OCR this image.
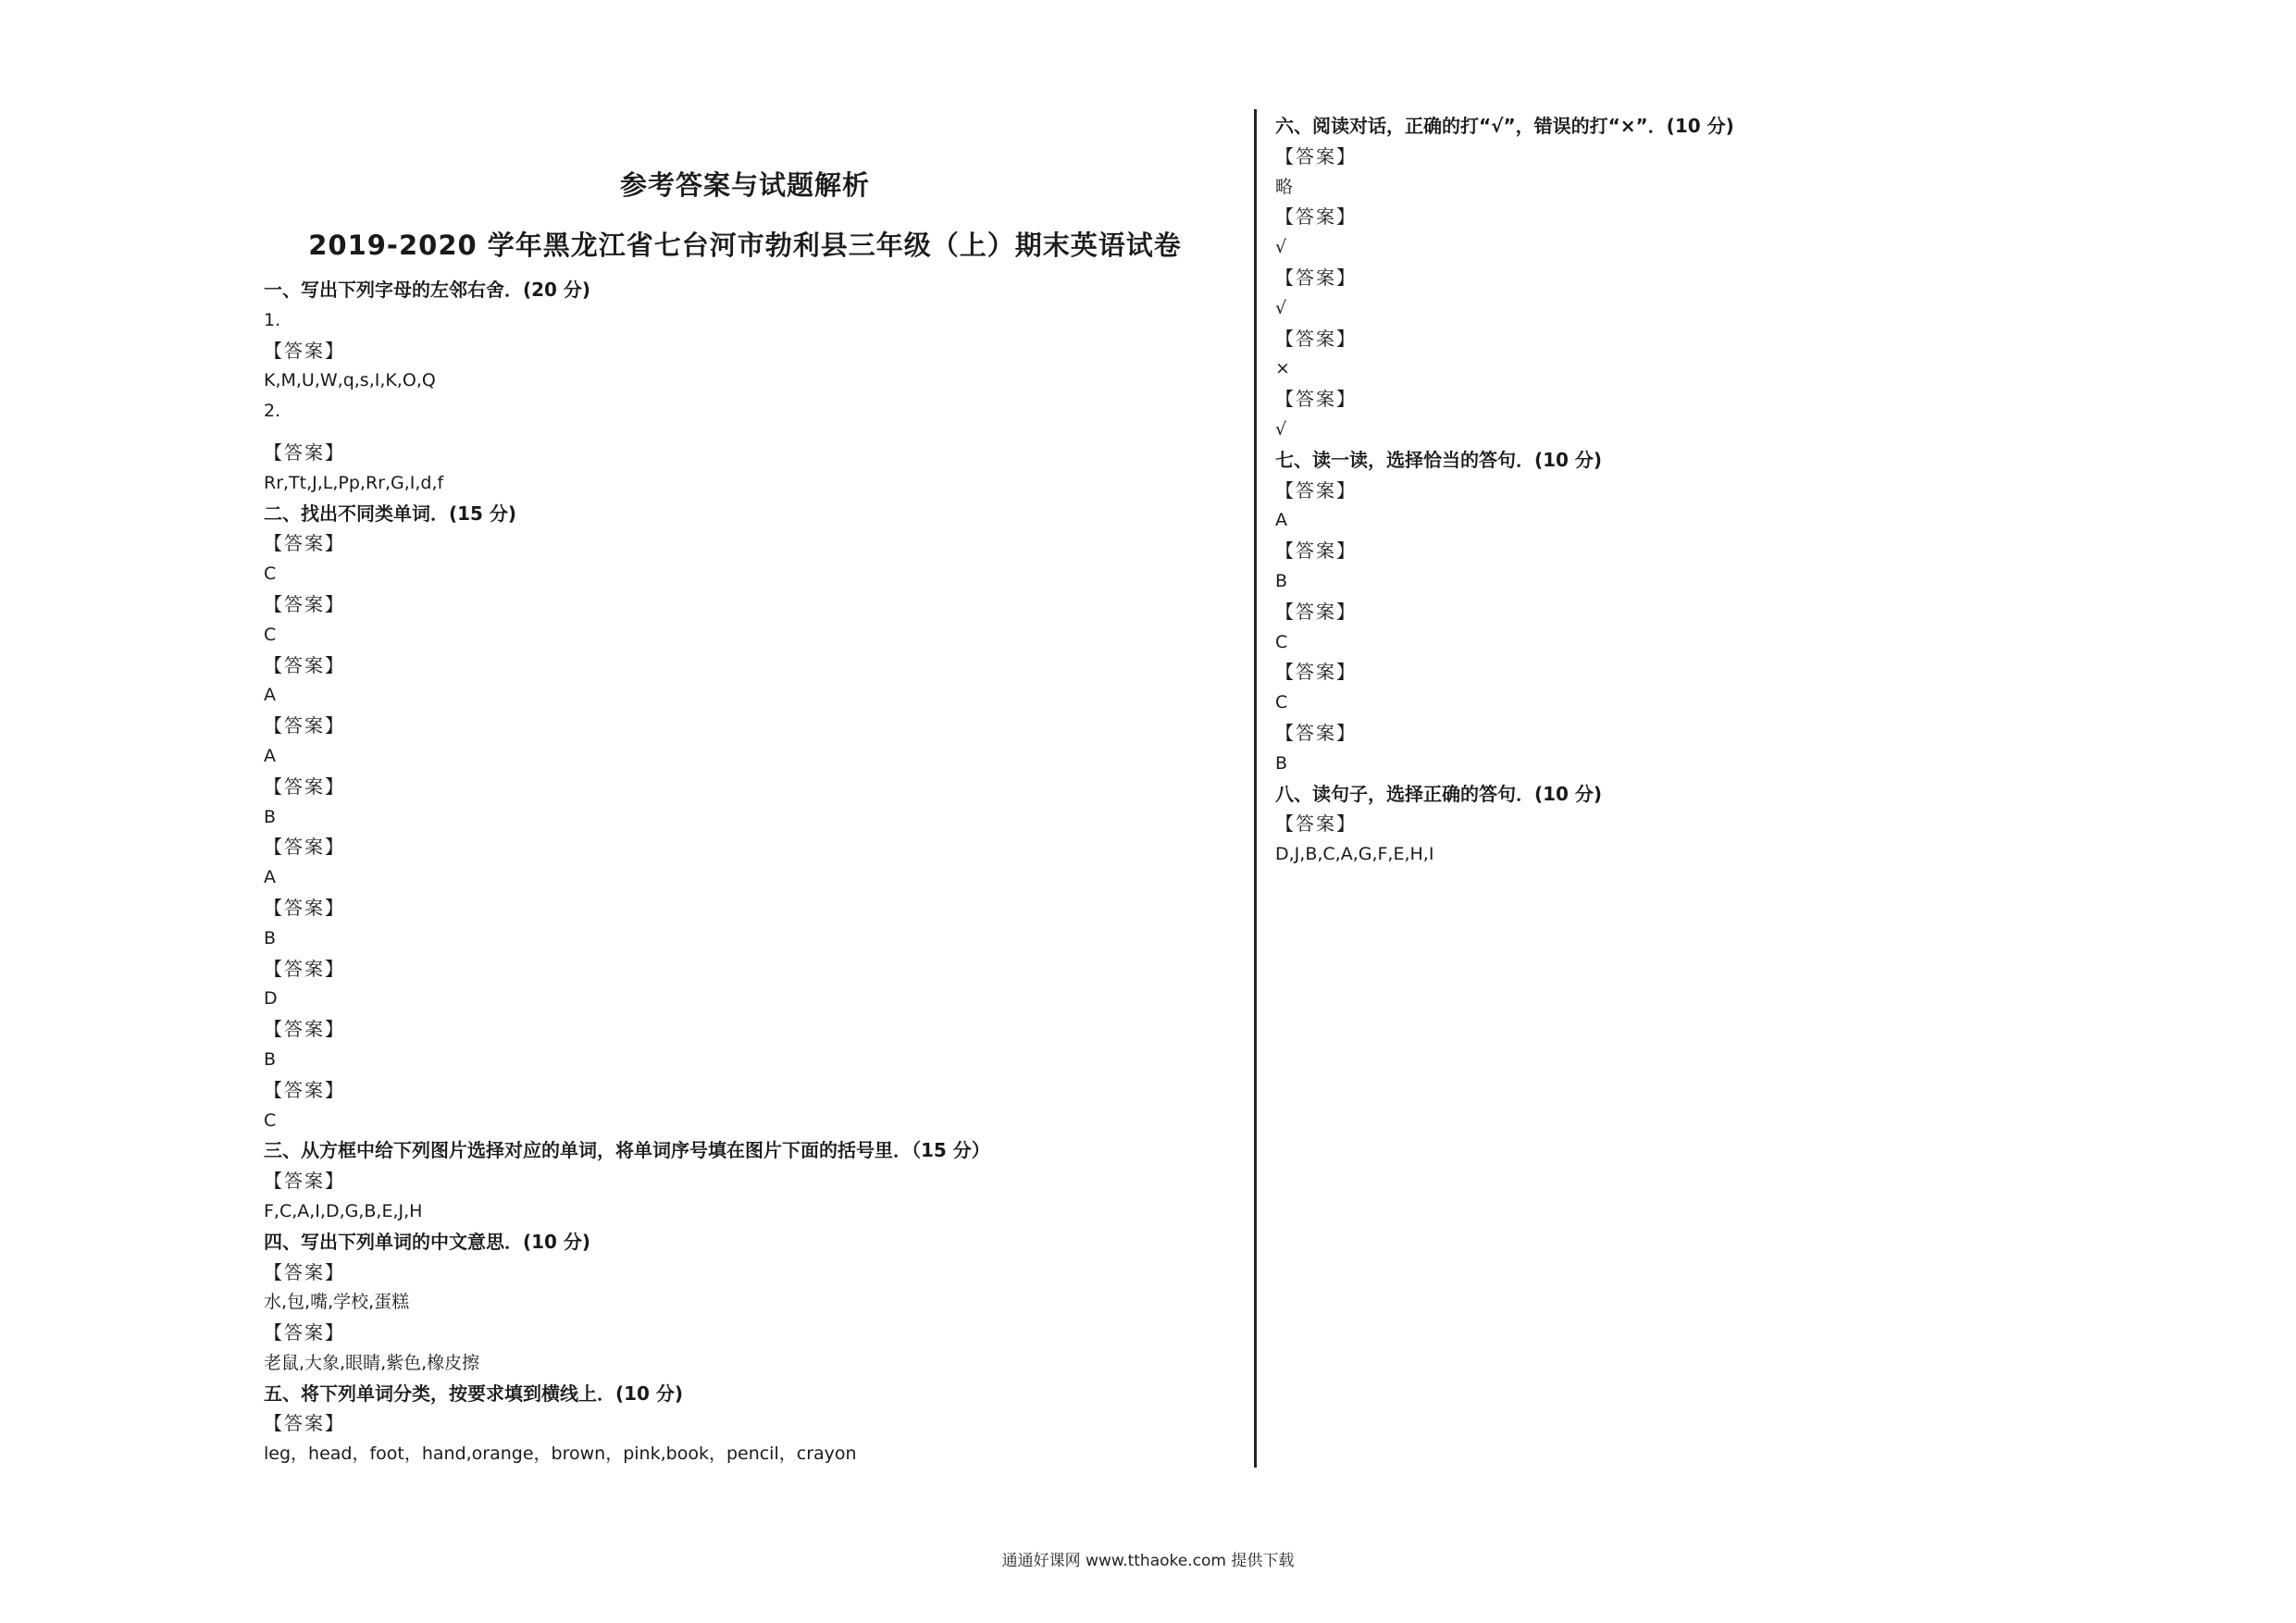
参考答案与试题解析
2019-2020 学年黑龙江省七台河市勃利县三年级（上）期末英语试卷
一、写出下列字母的左邻右舍．(20 分)
1.
【答案】
K,M,U,W,q,s,I,K,O,Q
2.
【答案】
Rr,Tt,J,L,Pp,Rr,G,I,d,f
二、找出不同类单词．(15 分)
【答案】
C
【答案】
C
【答案】
A
【答案】
A
【答案】
B
【答案】
A
【答案】
B
【答案】
D
【答案】
B
【答案】
C
三、从方框中给下列图片选择对应的单词，将单词序号填在图片下面的括号里．（15 分）
【答案】
F,C,A,I,D,G,B,E,J,H
四、写出下列单词的中文意思．(10 分)
【答案】
水,包,嘴,学校,蛋糕
【答案】
老鼠,大象,眼睛,紫色,橡皮擦
五、将下列单词分类，按要求填到横线上．(10 分)
【答案】
leg，head，foot，hand,orange，brown，pink,book，pencil，crayon
六、阅读对话，正确的打“√”，错误的打“×”．(10 分)
【答案】
略
【答案】
√
【答案】
√
【答案】
×
【答案】
√
七、读一读，选择恰当的答句．(10 分)
【答案】
A
【答案】
B
【答案】
C
【答案】
C
【答案】
B
八、读句子，选择正确的答句．(10 分)
【答案】
D,J,B,C,A,G,F,E,H,I
通通好课网 www.tthaoke.com 提供下载
